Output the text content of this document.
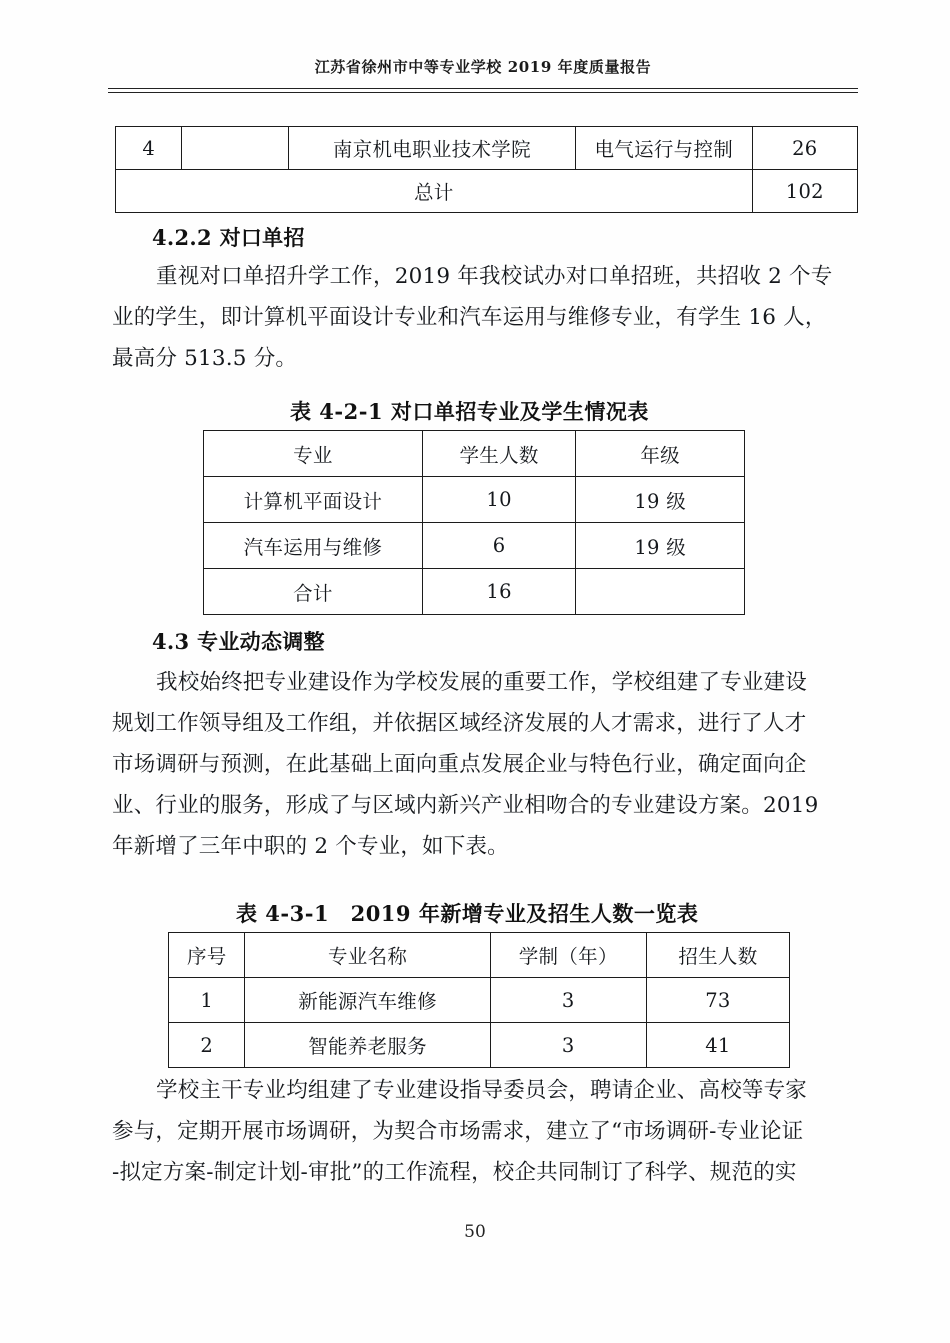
江苏省徐州市中等专业学校 2019 年度质量报告
4		南京机电职业技术学院	电气运行与控制	26
总计				102
4.2.2 对口单招
重视对口单招升学工作，2019 年我校试办对口单招班，共招收 2 个专
业的学生，即计算机平面设计专业和汽车运用与维修专业，有学生 16 人，
最高分 513.5 分。
表 4-2-1 对口单招专业及学生情况表
专业	学生人数	年级
计算机平面设计	10	19 级
汽车运用与维修	6	19 级
合计	16	
4.3 专业动态调整
我校始终把专业建设作为学校发展的重要工作，学校组建了专业建设
规划工作领导组及工作组，并依据区域经济发展的人才需求，进行了人才
市场调研与预测，在此基础上面向重点发展企业与特色行业，确定面向企
业、行业的服务，形成了与区域内新兴产业相吻合的专业建设方案。2019
年新增了三年中职的 2 个专业，如下表。
表 4-3-1　2019 年新增专业及招生人数一览表
序号	专业名称	学制（年）	招生人数
1	新能源汽车维修	3	73
2	智能养老服务	3	41
学校主干专业均组建了专业建设指导委员会，聘请企业、高校等专家
参与，定期开展市场调研，为契合市场需求，建立了“市场调研-专业论证
-拟定方案-制定计划-审批”的工作流程，校企共同制订了科学、规范的实
50
